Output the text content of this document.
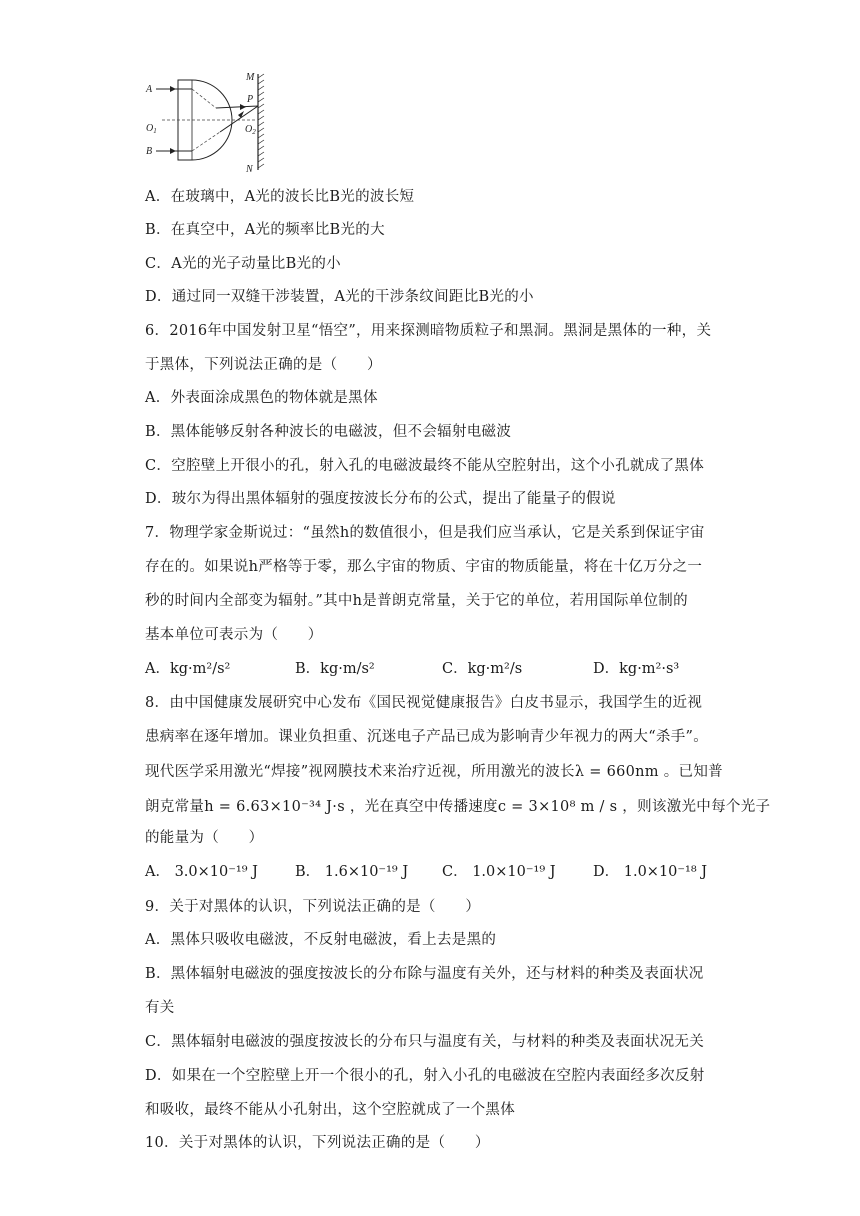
A
B
$O_1$
P
$O_2$
M
N
A．在玻璃中，A光的波长比B光的波长短
B．在真空中，A光的频率比B光的大
C．A光的光子动量比B光的小
D．通过同一双缝干涉装置，A光的干涉条纹间距比B光的小
6．2016年中国发射卫星“悟空”，用来探测暗物质粒子和黑洞。黑洞是黑体的一种，关
于黑体，下列说法正确的是（　　）
A．外表面涂成黑色的物体就是黑体
B．黑体能够反射各种波长的电磁波，但不会辐射电磁波
C．空腔壁上开很小的孔，射入孔的电磁波最终不能从空腔射出，这个小孔就成了黑体
D．玻尔为得出黑体辐射的强度按波长分布的公式，提出了能量子的假说
7．物理学家金斯说过：“虽然h的数值很小，但是我们应当承认，它是关系到保证宇宙
存在的。如果说h严格等于零，那么宇宙的物质、宇宙的物质能量，将在十亿万分之一
秒的时间内全部变为辐射。”其中h是普朗克常量，关于它的单位，若用国际单位制的
基本单位可表示为（　　）
A．kg·m²/s²	B．kg·m/s²	C．kg·m²/s	D．kg·m²·s³
8．由中国健康发展研究中心发布《国民视觉健康报告》白皮书显示，我国学生的近视
患病率在逐年增加。课业负担重、沉迷电子产品已成为影响青少年视力的两大“杀手”。
现代医学采用激光“焊接”视网膜技术来治疗近视，所用激光的波长λ = 660nm 。已知普
朗克常量h = 6.63×10⁻³⁴ J·s ，光在真空中传播速度c = 3×10⁸ m / s ，则该激光中每个光子
的能量为（　　）
A． 3.0×10⁻¹⁹ J	B． 1.6×10⁻¹⁹ J C． 1.0×10⁻¹⁹ J	D． 1.0×10⁻¹⁸ J
9．关于对黑体的认识，下列说法正确的是（　　）
A．黑体只吸收电磁波，不反射电磁波，看上去是黑的
B．黑体辐射电磁波的强度按波长的分布除与温度有关外，还与材料的种类及表面状况
有关
C．黑体辐射电磁波的强度按波长的分布只与温度有关，与材料的种类及表面状况无关
D．如果在一个空腔壁上开一个很小的孔，射入小孔的电磁波在空腔内表面经多次反射
和吸收，最终不能从小孔射出，这个空腔就成了一个黑体
10．关于对黑体的认识，下列说法正确的是（　　）
